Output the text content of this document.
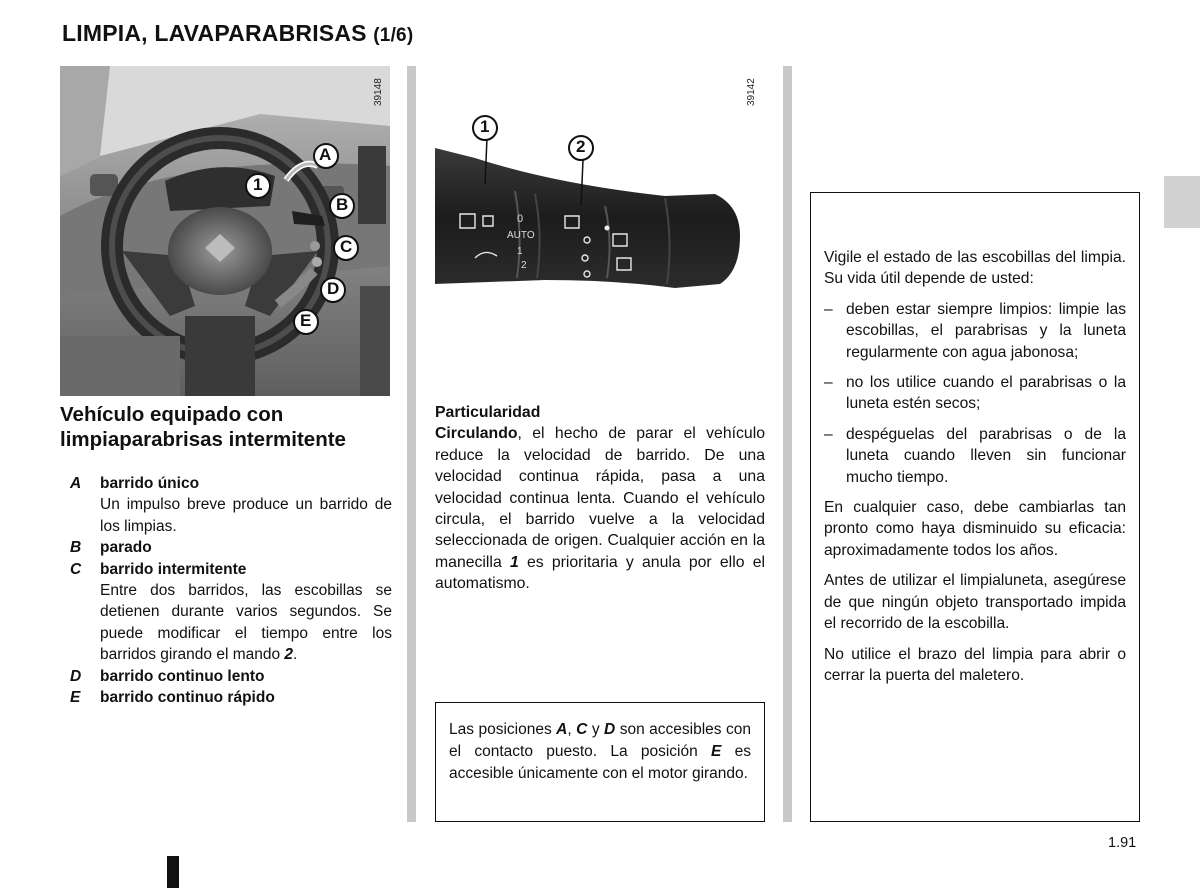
LIMPIA, LAVAPARABRISAS (1/6)
39148
A
1
B
C
D
E
0
AUTO
1
2
1
2
39142
Vehículo equipado con
limpiaparabrisas intermitente
A barrido único
Un impulso breve produce un barrido de los limpias.
B parado
C barrido intermitente
Entre dos barridos, las escobillas se detienen durante varios segundos. Se puede modificar el tiempo entre los barridos girando el mando 2.
D barrido continuo lento
E barrido continuo rápido
Particularidad
Circulando, el hecho de parar el vehículo reduce la velocidad de barrido. De una velocidad continua rápida, pasa a una velocidad continua lenta. Cuando el vehículo circula, el barrido vuelve a la velocidad seleccionada de origen. Cualquier acción en la manecilla 1 es prioritaria y anula por ello el automatismo.
Las posiciones A, C y D son accesibles con el contacto puesto. La posición E es accesible únicamente con el motor girando.

Vigile el estado de las escobillas del limpia. Su vida útil depende de usted:

– deben estar siempre limpios: limpie las escobillas, el parabrisas y la luneta regularmente con agua jabonosa;
– no los utilice cuando el parabrisas o la luneta estén secos;
– despéguelas del parabrisas o de la luneta cuando lleven sin funcionar mucho tiempo.

En cualquier caso, debe cambiarlas tan pronto como haya disminuido su eficacia: aproximadamente todos los años.

Antes de utilizar el limpialuneta, asegúrese de que ningún objeto transportado impida el recorrido de la escobilla.

No utilice el brazo del limpia para abrir o cerrar la puerta del maletero.

1.91
